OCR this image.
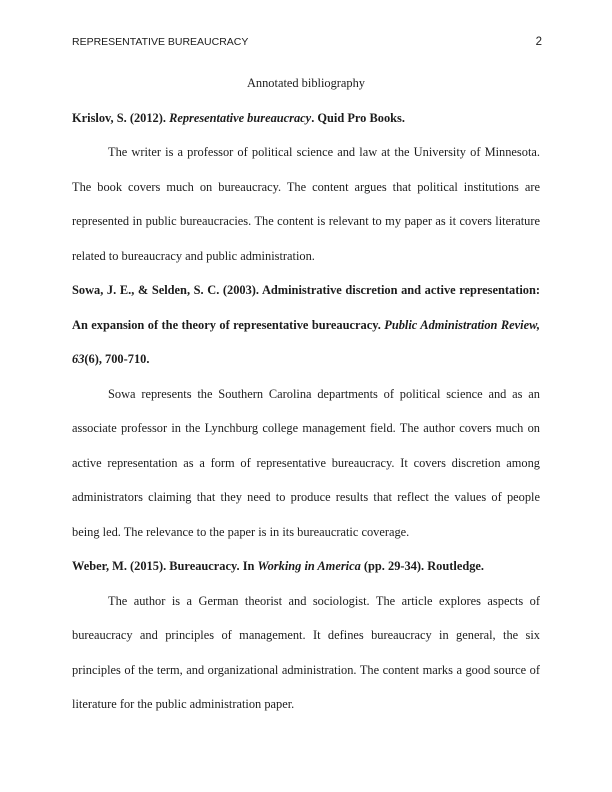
REPRESENTATIVE BUREAUCRACY	2

Annotated bibliography

Krislov, S. (2012). Representative bureaucracy. Quid Pro Books.

The writer is a professor of political science and law at the University of Minnesota. The book covers much on bureaucracy. The content argues that political institutions are represented in public bureaucracies. The content is relevant to my paper as it covers literature related to bureaucracy and public administration.

Sowa, J. E., & Selden, S. C. (2003). Administrative discretion and active representation: An expansion of the theory of representative bureaucracy. Public Administration Review, 63(6), 700-710.

Sowa represents the Southern Carolina departments of political science and as an associate professor in the Lynchburg college management field. The author covers much on active representation as a form of representative bureaucracy. It covers discretion among administrators claiming that they need to produce results that reflect the values of people being led. The relevance to the paper is in its bureaucratic coverage.

Weber, M. (2015). Bureaucracy. In Working in America (pp. 29-34). Routledge.

The author is a German theorist and sociologist. The article explores aspects of bureaucracy and principles of management. It defines bureaucracy in general, the six principles of the term, and organizational administration. The content marks a good source of literature for the public administration paper.
